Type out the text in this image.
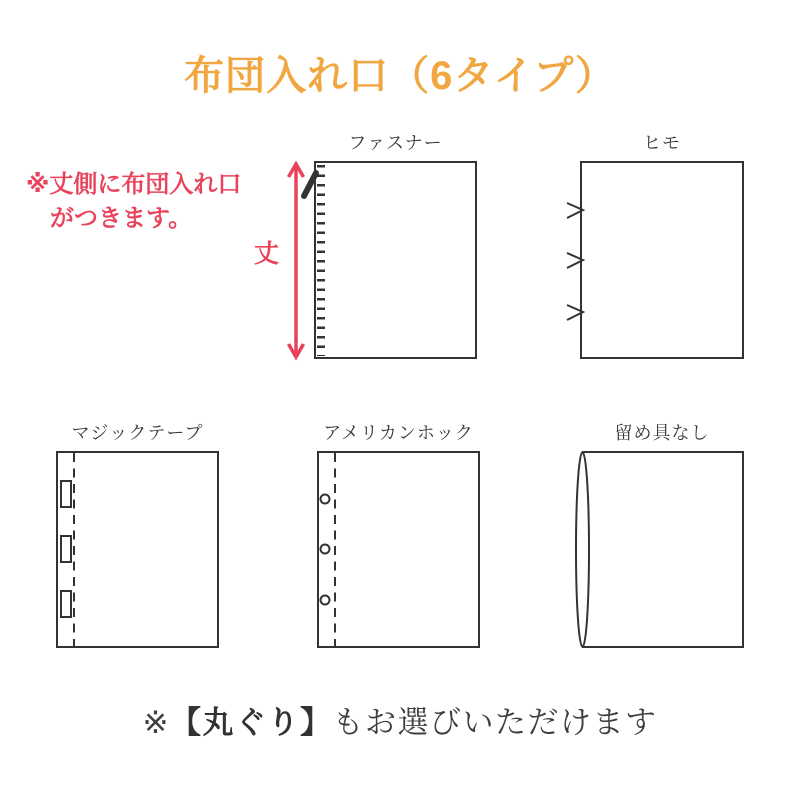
布団入れ口（6タイプ）
※丈側に布団入れ口
がつきます。
丈
ファスナー	ヒモ
マジックテープ	アメリカンホック	留め具なし
※【丸ぐり】もお選びいただけます
